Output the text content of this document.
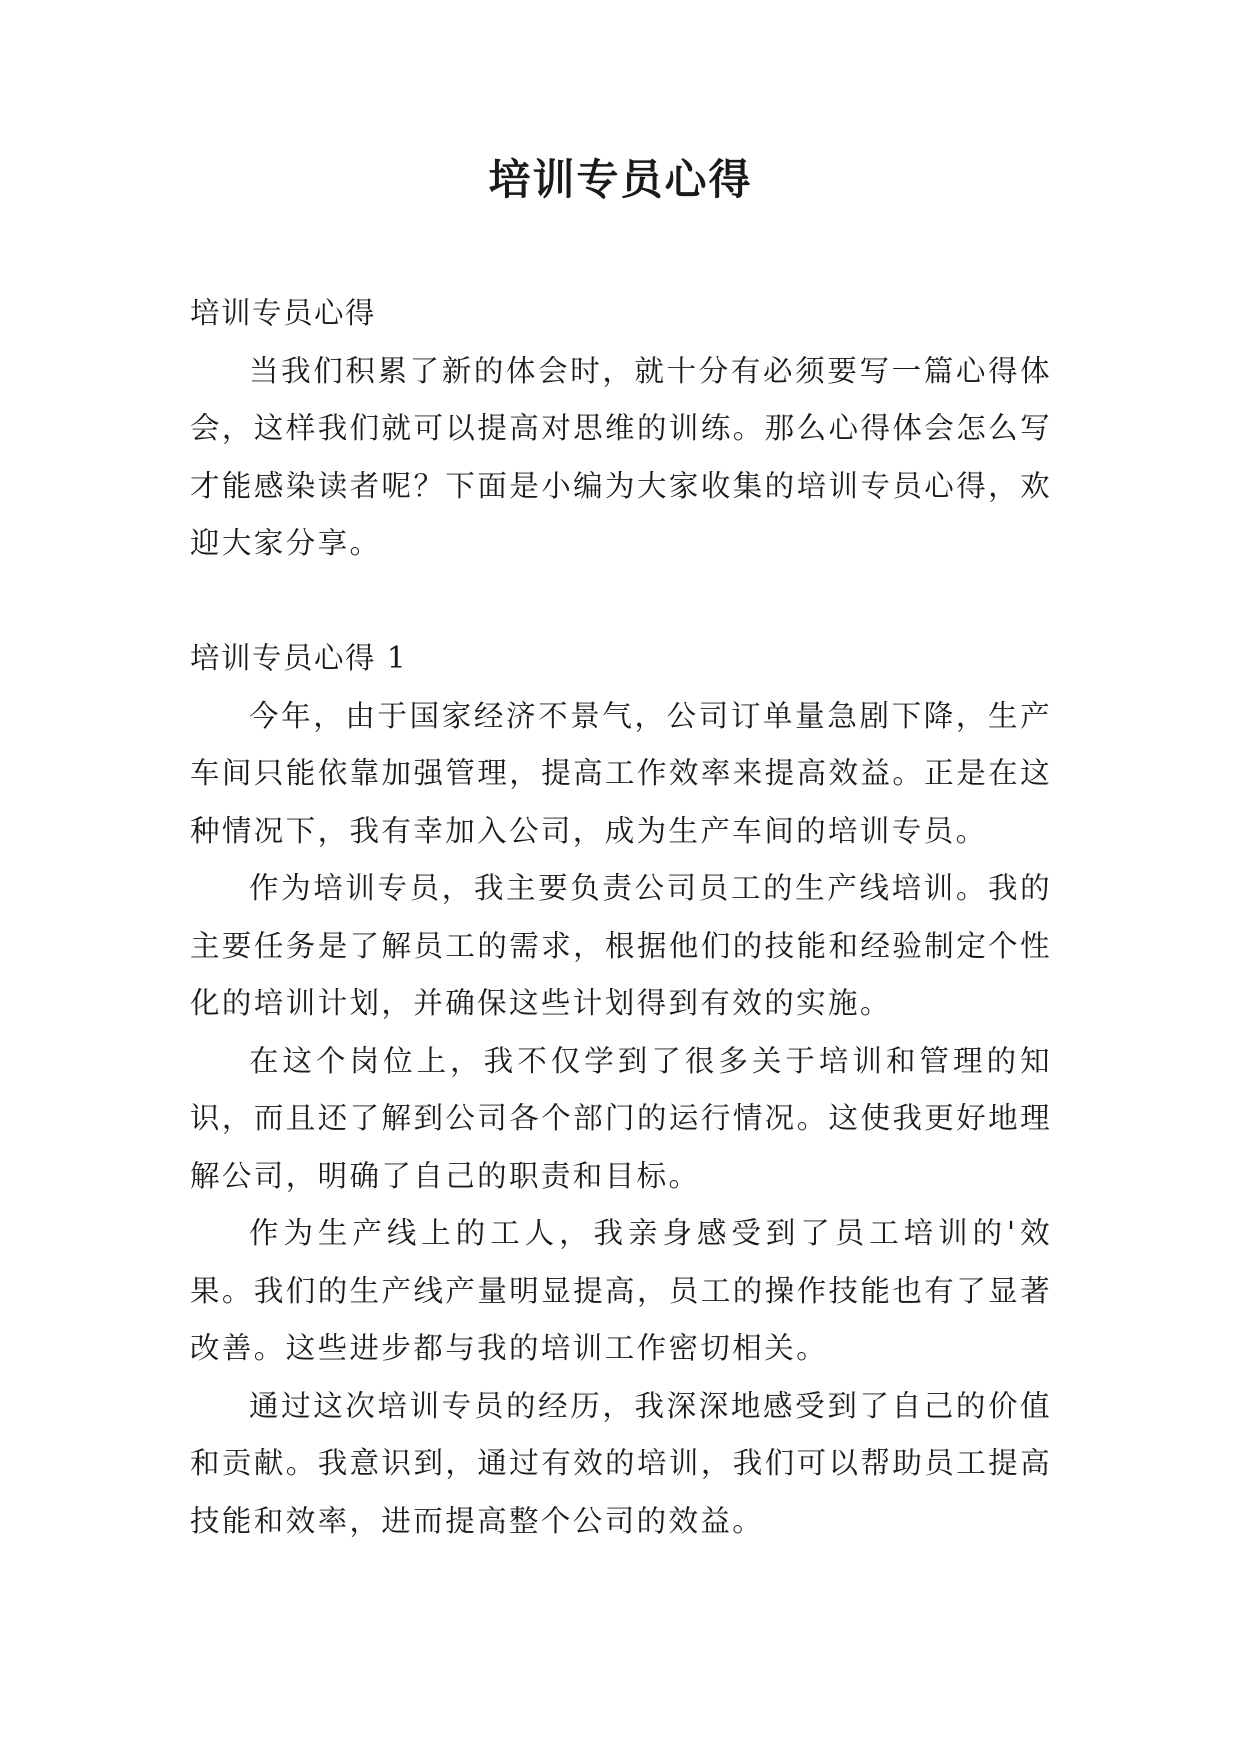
培训专员心得

培训专员心得

当我们积累了新的体会时，就十分有必须要写一篇心得体会，这样我们就可以提高对思维的训练。那么心得体会怎么写才能感染读者呢？下面是小编为大家收集的培训专员心得，欢迎大家分享。

培训专员心得 1

今年，由于国家经济不景气，公司订单量急剧下降，生产车间只能依靠加强管理，提高工作效率来提高效益。正是在这种情况下，我有幸加入公司，成为生产车间的培训专员。

作为培训专员，我主要负责公司员工的生产线培训。我的主要任务是了解员工的需求，根据他们的技能和经验制定个性化的培训计划，并确保这些计划得到有效的实施。

在这个岗位上，我不仅学到了很多关于培训和管理的知识，而且还了解到公司各个部门的运行情况。这使我更好地理解公司，明确了自己的职责和目标。

作为生产线上的工人，我亲身感受到了员工培训的'效果。我们的生产线产量明显提高，员工的操作技能也有了显著改善。这些进步都与我的培训工作密切相关。

通过这次培训专员的经历，我深深地感受到了自己的价值和贡献。我意识到，通过有效的培训，我们可以帮助员工提高技能和效率，进而提高整个公司的效益。
